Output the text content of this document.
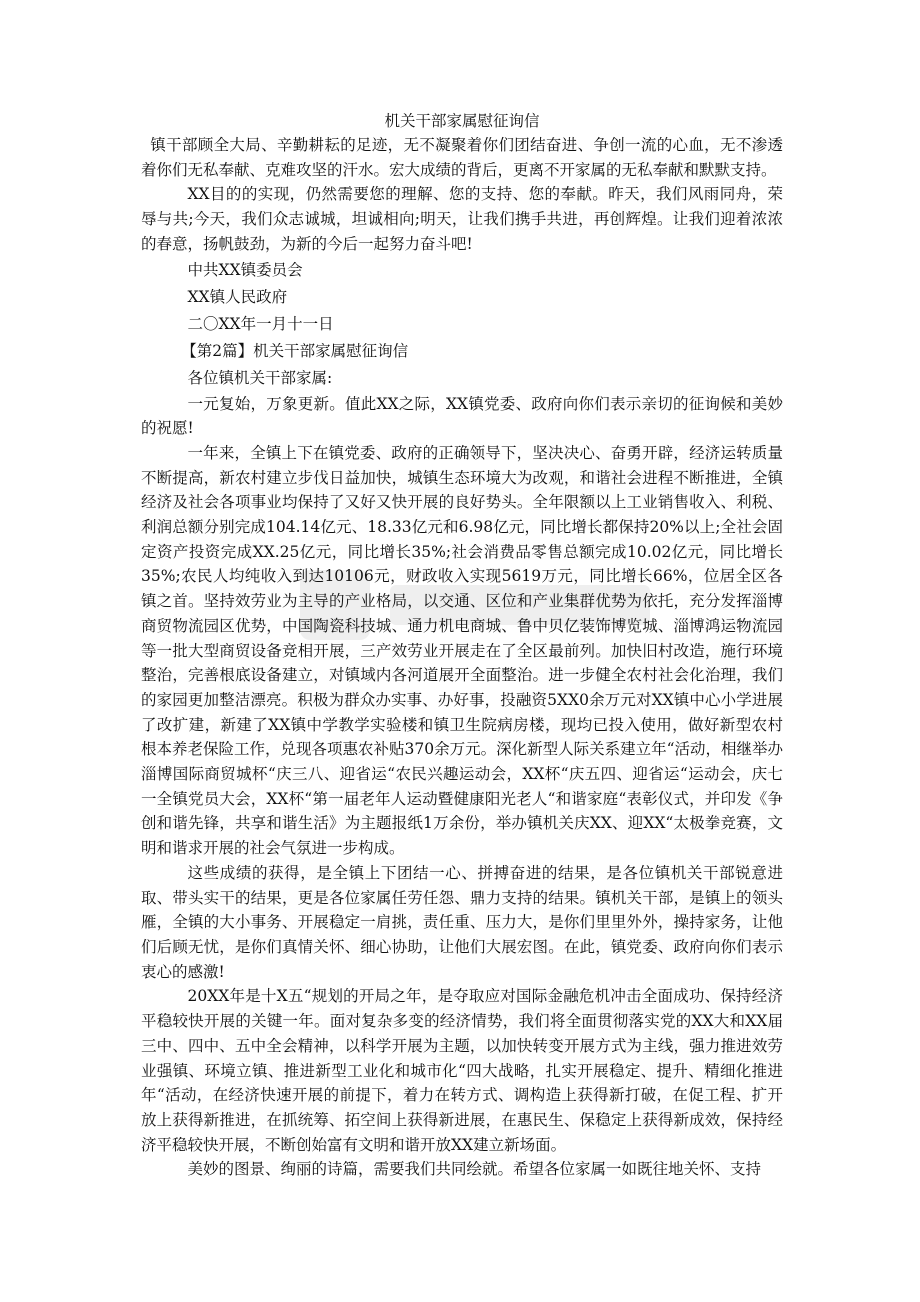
机关干部家属慰征询信

镇干部顾全大局、辛勤耕耘的足迹，无不凝聚着你们团结奋进、争创一流的心血，无不渗透着你们无私奉献、克难攻坚的汗水。宏大成绩的背后，更离不开家属的无私奉献和默默支持。

XX目的的实现，仍然需要您的理解、您的支持、您的奉献。昨天，我们风雨同舟，荣辱与共;今天，我们众志诚城，坦诚相向;明天，让我们携手共进，再创辉煌。让我们迎着浓浓的春意，扬帆鼓劲，为新的今后一起努力奋斗吧!

中共XX镇委员会

XX镇人民政府

二〇XX年一月十一日

【第2篇】机关干部家属慰征询信

各位镇机关干部家属:

一元复始，万象更新。值此XX之际，XX镇党委、政府向你们表示亲切的征询候和美妙的祝愿!

一年来，全镇上下在镇党委、政府的正确领导下，坚决决心、奋勇开辟，经济运转质量不断提高，新农村建立步伐日益加快，城镇生态环境大为改观，和谐社会进程不断推进，全镇经济及社会各项事业均保持了又好又快开展的良好势头。全年限额以上工业销售收入、利税、利润总额分别完成104.14亿元、18.33亿元和6.98亿元，同比增长都保持20%以上;全社会固定资产投资完成XX.25亿元，同比增长35%;社会消费品零售总额完成10.02亿元，同比增长35%;农民人均纯收入到达10106元，财政收入实现5619万元，同比增长66%，位居全区各镇之首。坚持效劳业为主导的产业格局，以交通、区位和产业集群优势为依托，充分发挥淄博商贸物流园区优势，中国陶瓷科技城、通力机电商城、鲁中贝亿装饰博览城、淄博鸿运物流园等一批大型商贸设备竞相开展，三产效劳业开展走在了全区最前列。加快旧村改造，施行环境整治，完善根底设备建立，对镇域内各河道展开全面整治。进一步健全农村社会化治理，我们的家园更加整洁漂亮。积极为群众办实事、办好事，投融资5XX0余万元对XX镇中心小学进展了改扩建，新建了XX镇中学教学实验楼和镇卫生院病房楼，现均已投入使用，做好新型农村根本养老保险工作，兑现各项惠农补贴370余万元。深化新型人际关系建立年“活动，相继举办淄博国际商贸城杯“庆三八、迎省运“农民兴趣运动会，XX杯“庆五四、迎省运“运动会，庆七一全镇党员大会，XX杯“第一届老年人运动暨健康阳光老人“和谐家庭“表彰仪式，并印发《争创和谐先锋，共享和谐生活》为主题报纸1万余份，举办镇机关庆XX、迎XX“太极拳竞赛，文明和谐求开展的社会气氛进一步构成。

这些成绩的获得，是全镇上下团结一心、拼搏奋进的结果，是各位镇机关干部锐意进取、带头实干的结果，更是各位家属任劳任怨、鼎力支持的结果。镇机关干部，是镇上的领头雁，全镇的大小事务、开展稳定一肩挑，责任重、压力大，是你们里里外外，操持家务，让他们后顾无忧，是你们真情关怀、细心协助，让他们大展宏图。在此，镇党委、政府向你们表示衷心的感激!

20XX年是十X五“规划的开局之年，是夺取应对国际金融危机冲击全面成功、保持经济平稳较快开展的关键一年。面对复杂多变的经济情势，我们将全面贯彻落实党的XX大和XX届三中、四中、五中全会精神，以科学开展为主题，以加快转变开展方式为主线，强力推进效劳业强镇、环境立镇、推进新型工业化和城市化“四大战略，扎实开展稳定、提升、精细化推进年“活动，在经济快速开展的前提下，着力在转方式、调构造上获得新打破，在促工程、扩开放上获得新推进，在抓统筹、拓空间上获得新进展，在惠民生、保稳定上获得新成效，保持经济平稳较快开展，不断创始富有文明和谐开放XX建立新场面。

美妙的图景、绚丽的诗篇，需要我们共同绘就。希望各位家属一如既往地关怀、支持
